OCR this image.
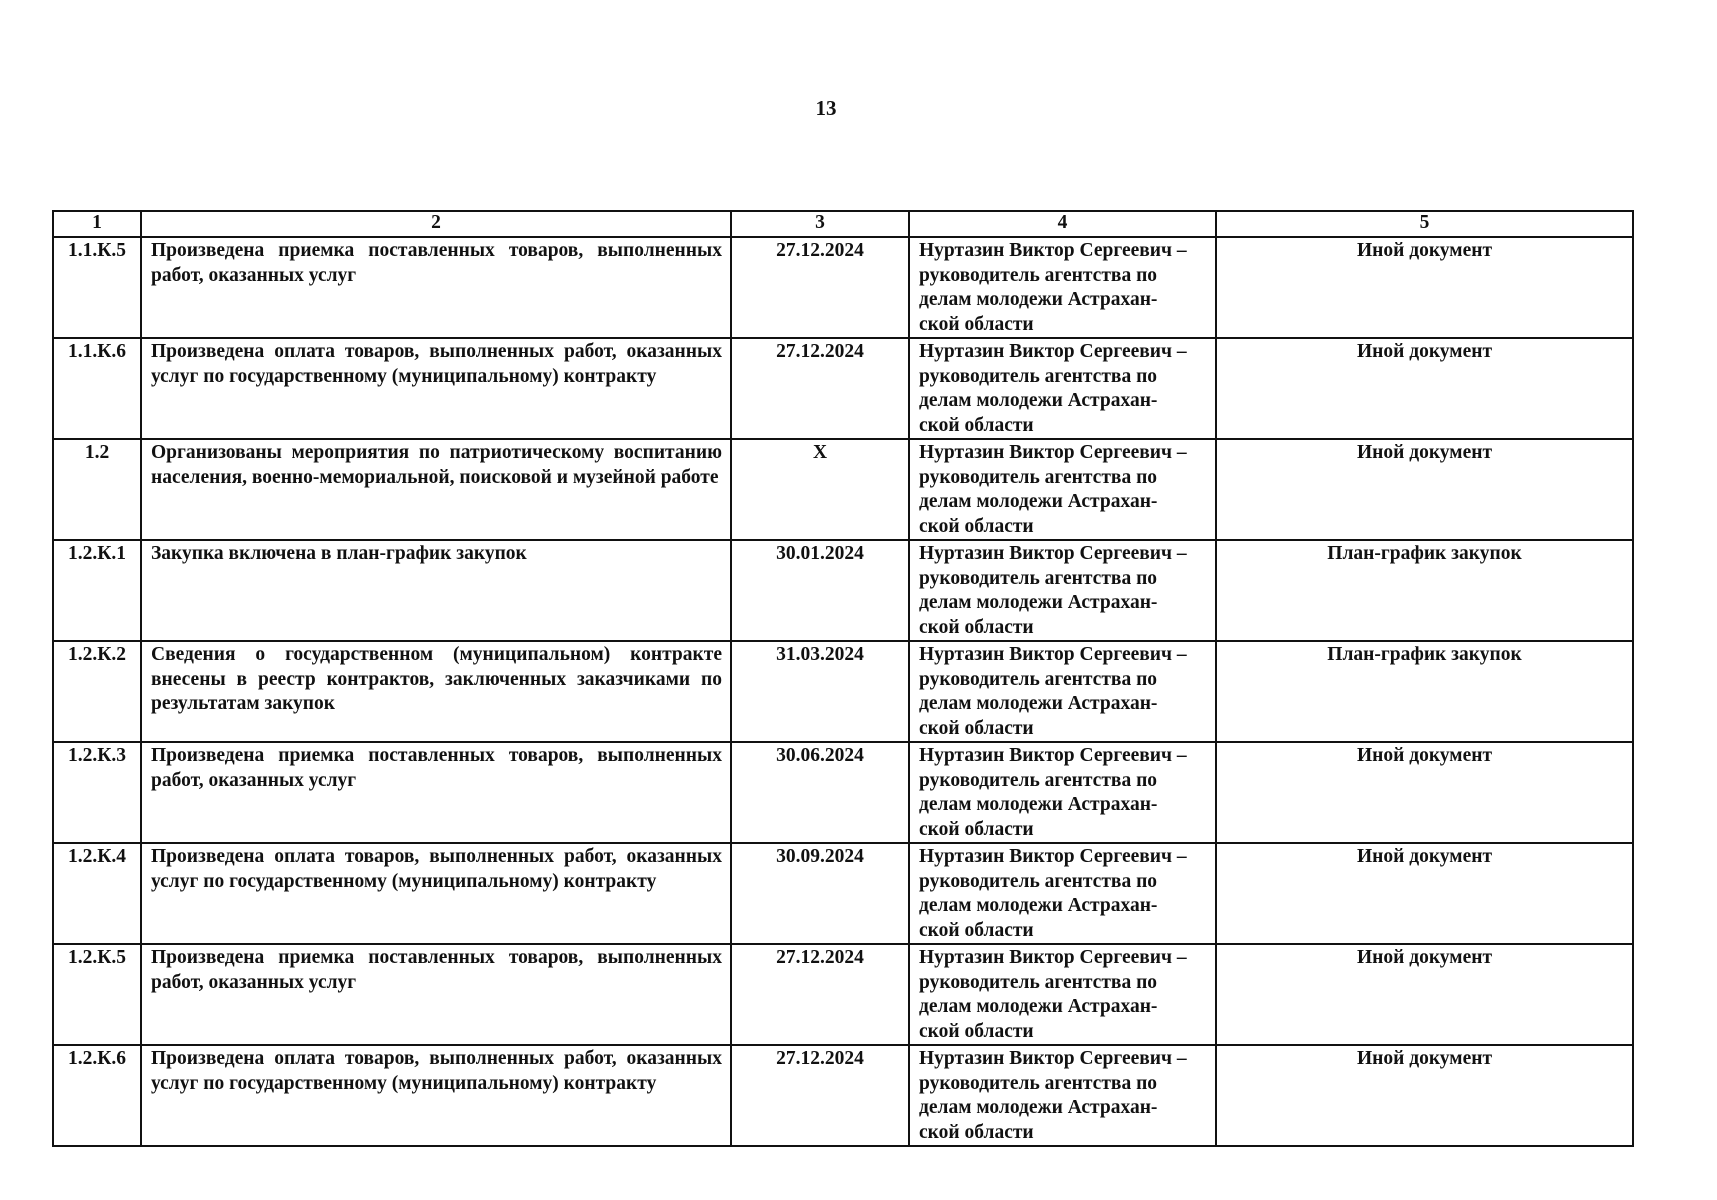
13
1	2	3	4	5
1.1.К.5	Произведена приемка поставленных товаров, выполненных работ, оказанных услуг	27.12.2024	Нуртазин Виктор Сергеевич –
руководитель агентства по
делам молодежи Астрахан-
ской области	Иной документ
1.1.К.6	Произведена оплата товаров, выполненных работ, оказанных услуг по государственному (муниципальному) контракту	27.12.2024	Нуртазин Виктор Сергеевич –
руководитель агентства по
делам молодежи Астрахан-
ской области	Иной документ
1.2	Организованы мероприятия по патриотическому воспитанию населения, военно-мемориальной, поисковой и музейной работе	Х	Нуртазин Виктор Сергеевич –
руководитель агентства по
делам молодежи Астрахан-
ской области	Иной документ
1.2.К.1	Закупка включена в план-график закупок	30.01.2024	Нуртазин Виктор Сергеевич –
руководитель агентства по
делам молодежи Астрахан-
ской области	План-график закупок
1.2.К.2	Сведения о государственном (муниципальном) контракте внесены в реестр контрактов, заключенных заказчиками по результатам закупок	31.03.2024	Нуртазин Виктор Сергеевич –
руководитель агентства по
делам молодежи Астрахан-
ской области	План-график закупок
1.2.К.3	Произведена приемка поставленных товаров, выполненных работ, оказанных услуг	30.06.2024	Нуртазин Виктор Сергеевич –
руководитель агентства по
делам молодежи Астрахан-
ской области	Иной документ
1.2.К.4	Произведена оплата товаров, выполненных работ, оказанных услуг по государственному (муниципальному) контракту	30.09.2024	Нуртазин Виктор Сергеевич –
руководитель агентства по
делам молодежи Астрахан-
ской области	Иной документ
1.2.К.5	Произведена приемка поставленных товаров, выполненных работ, оказанных услуг	27.12.2024	Нуртазин Виктор Сергеевич –
руководитель агентства по
делам молодежи Астрахан-
ской области	Иной документ
1.2.К.6	Произведена оплата товаров, выполненных работ, оказанных услуг по государственному (муниципальному) контракту	27.12.2024	Нуртазин Виктор Сергеевич –
руководитель агентства по
делам молодежи Астрахан-
ской области	Иной документ
